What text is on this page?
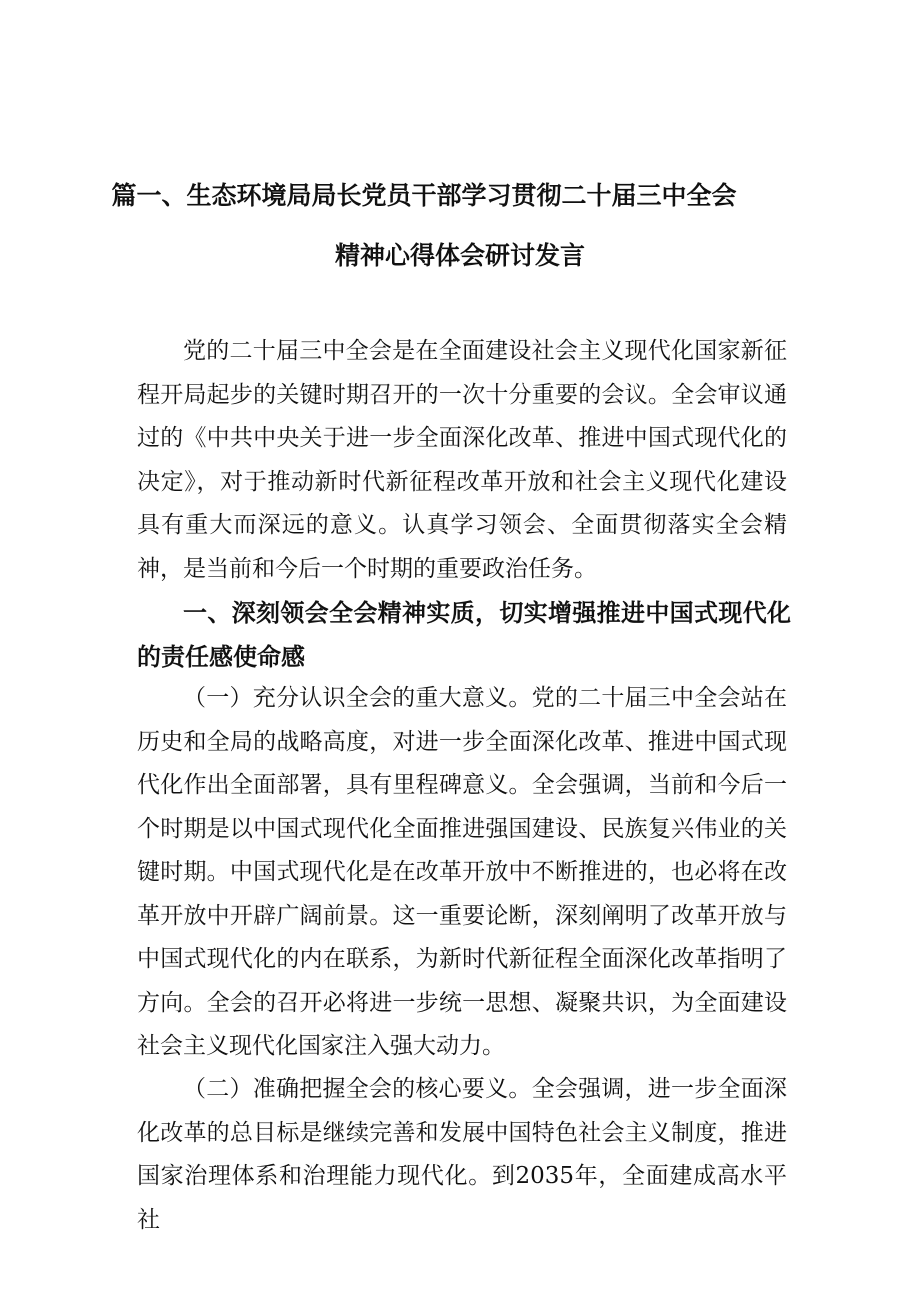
篇一、生态环境局局长党员干部学习贯彻二十届三中全会
精神心得体会研讨发言

党的二十届三中全会是在全面建设社会主义现代化国家新征程开局起步的关键时期召开的一次十分重要的会议。全会审议通过的《中共中央关于进一步全面深化改革、推进中国式现代化的决定》，对于推动新时代新征程改革开放和社会主义现代化建设具有重大而深远的意义。认真学习领会、全面贯彻落实全会精神，是当前和今后一个时期的重要政治任务。

一、深刻领会全会精神实质，切实增强推进中国式现代化的责任感使命感

（一）充分认识全会的重大意义。党的二十届三中全会站在历史和全局的战略高度，对进一步全面深化改革、推进中国式现代化作出全面部署，具有里程碑意义。全会强调，当前和今后一个时期是以中国式现代化全面推进强国建设、民族复兴伟业的关键时期。中国式现代化是在改革开放中不断推进的，也必将在改革开放中开辟广阔前景。这一重要论断，深刻阐明了改革开放与中国式现代化的内在联系，为新时代新征程全面深化改革指明了方向。全会的召开必将进一步统一思想、凝聚共识，为全面建设社会主义现代化国家注入强大动力。

（二）准确把握全会的核心要义。全会强调，进一步全面深化改革的总目标是继续完善和发展中国特色社会主义制度，推进国家治理体系和治理能力现代化。到2035年，全面建成高水平社
